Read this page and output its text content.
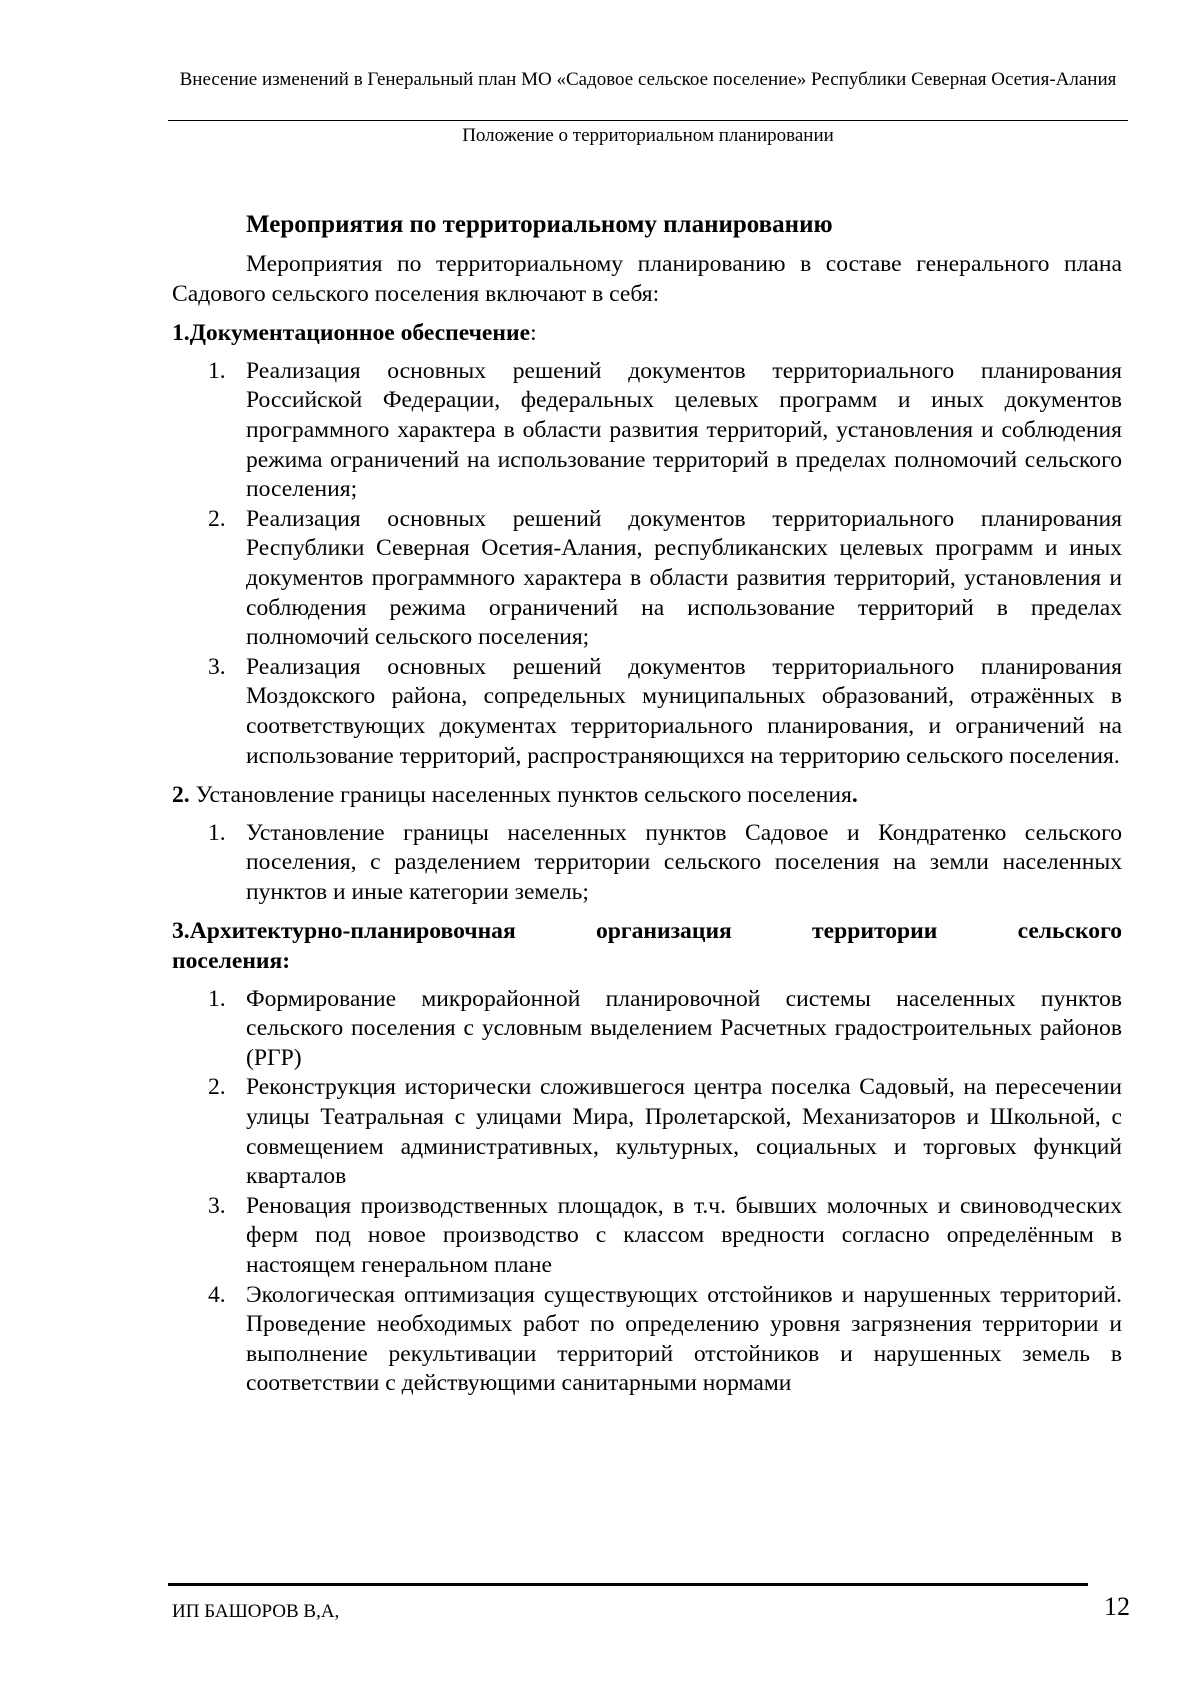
Внесение изменений в Генеральный план МО «Садовое сельское поселение» Республики Северная Осетия-Алания
Положение о территориальном планировании
Мероприятия по территориальному планированию

Мероприятия по территориальному планированию в составе генерального плана Садового сельского поселения включают в себя:

1.Документационное обеспечение:
1. Реализация основных решений документов территориального планирования Российской Федерации, федеральных целевых программ и иных документов программного характера в области развития территорий, установления и соблюдения режима ограничений на использование территорий в пределах полномочий сельского поселения;
2. Реализация основных решений документов территориального планирования Республики Северная Осетия-Алания, республиканских целевых программ и иных документов программного характера в области развития территорий, установления и соблюдения режима ограничений на использование территорий в пределах полномочий сельского поселения;
3. Реализация основных решений документов территориального планирования Моздокского района, сопредельных муниципальных образований, отражённых в соответствующих документах территориального планирования, и ограничений на использование территорий, распространяющихся на территорию сельского поселения.
2. Установление границы населенных пунктов сельского поселения.
1. Установление границы населенных пунктов Садовое и Кондратенко сельского поселения, с разделением территории сельского поселения на земли населенных пунктов и иные категории земель;
3.Архитектурно-планировочная организация территории сельского
поселения:
1. Формирование микрорайонной планировочной системы населенных пунктов сельского поселения с условным выделением Расчетных градостроительных районов (РГР)
2. Реконструкция исторически сложившегося центра поселка Садовый, на пересечении улицы Театральная с улицами Мира, Пролетарской, Механизаторов и Школьной, с совмещением административных, культурных, социальных и торговых функций кварталов
3. Реновация производственных площадок, в т.ч. бывших молочных и свиноводческих ферм под новое производство с классом вредности согласно определённым в настоящем генеральном плане
4. Экологическая оптимизация существующих отстойников и нарушенных территорий. Проведение необходимых работ по определению уровня загрязнения территории и выполнение рекультивации территорий отстойников и нарушенных земель в соответствии с действующими санитарными нормами
ИП БАШОРОВ В,А,	12
